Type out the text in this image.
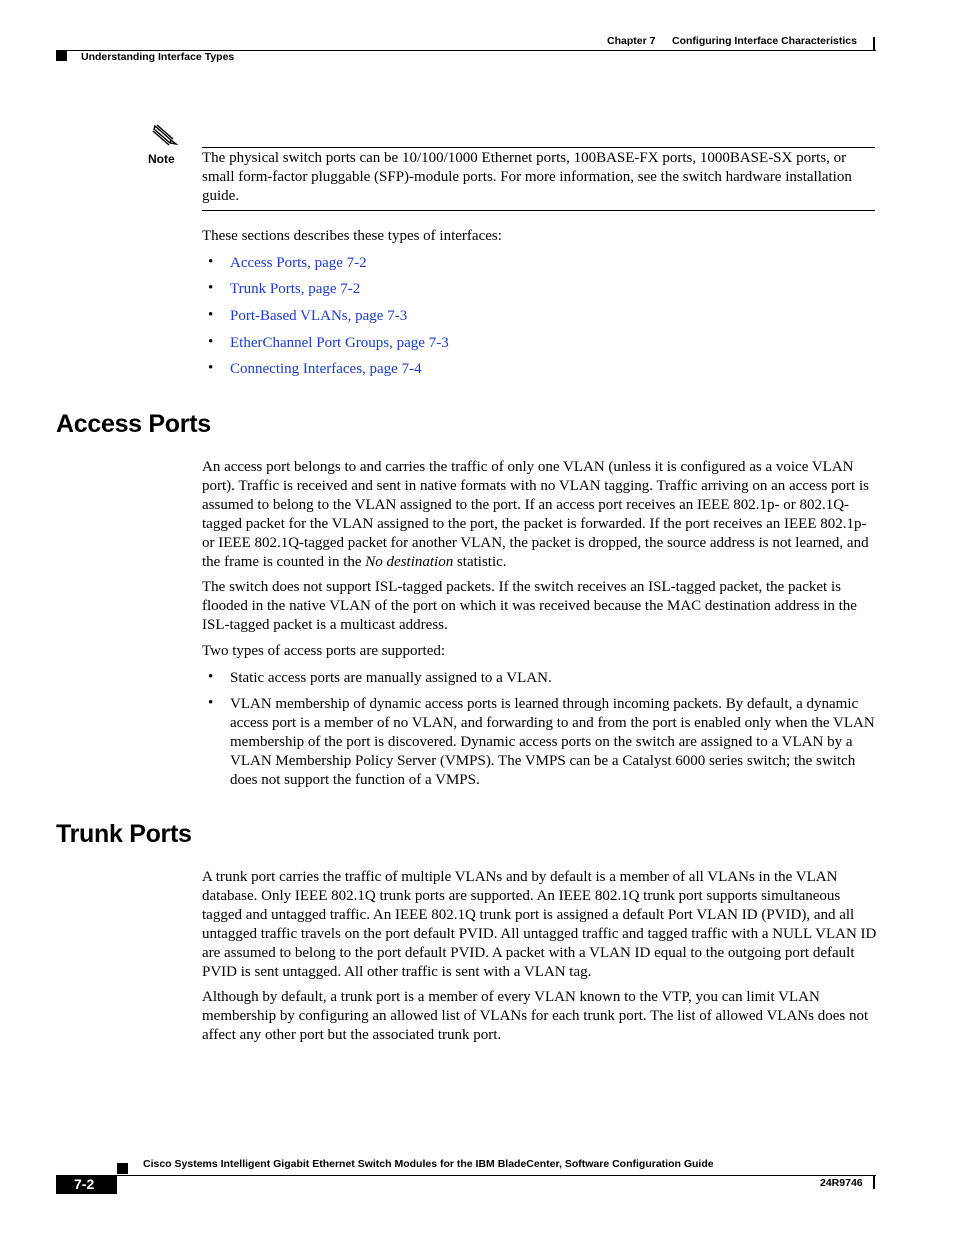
Chapter 7 Configuring Interface Characteristics
Understanding Interface Types
Note The physical switch ports can be 10/100/1000 Ethernet ports, 100BASE-FX ports, 1000BASE-SX ports, or small form-factor pluggable (SFP)-module ports. For more information, see the switch hardware installation guide.

These sections describes these types of interfaces:

• Access Ports, page 7-2
• Trunk Ports, page 7-2
• Port-Based VLANs, page 7-3
• EtherChannel Port Groups, page 7-3
• Connecting Interfaces, page 7-4
Access Ports

An access port belongs to and carries the traffic of only one VLAN (unless it is configured as a voice VLAN port). Traffic is received and sent in native formats with no VLAN tagging. Traffic arriving on an access port is assumed to belong to the VLAN assigned to the port. If an access port receives an IEEE 802.1p- or 802.1Q-tagged packet for the VLAN assigned to the port, the packet is forwarded. If the port receives an IEEE 802.1p- or IEEE 802.1Q-tagged packet for another VLAN, the packet is dropped, the source address is not learned, and the frame is counted in the No destination statistic.

The switch does not support ISL-tagged packets. If the switch receives an ISL-tagged packet, the packet is flooded in the native VLAN of the port on which it was received because the MAC destination address in the ISL-tagged packet is a multicast address.

Two types of access ports are supported:

• Static access ports are manually assigned to a VLAN.

• VLAN membership of dynamic access ports is learned through incoming packets. By default, a dynamic access port is a member of no VLAN, and forwarding to and from the port is enabled only when the VLAN membership of the port is discovered. Dynamic access ports on the switch are assigned to a VLAN by a VLAN Membership Policy Server (VMPS). The VMPS can be a Catalyst 6000 series switch; the switch does not support the function of a VMPS.

Trunk Ports

A trunk port carries the traffic of multiple VLANs and by default is a member of all VLANs in the VLAN database. Only IEEE 802.1Q trunk ports are supported. An IEEE 802.1Q trunk port supports simultaneous tagged and untagged traffic. An IEEE 802.1Q trunk port is assigned a default Port VLAN ID (PVID), and all untagged traffic travels on the port default PVID. All untagged traffic and tagged traffic with a NULL VLAN ID are assumed to belong to the port default PVID. A packet with a VLAN ID equal to the outgoing port default PVID is sent untagged. All other traffic is sent with a VLAN tag.

Although by default, a trunk port is a member of every VLAN known to the VTP, you can limit VLAN membership by configuring an allowed list of VLANs for each trunk port. The list of allowed VLANs does not affect any other port but the associated trunk port.

Cisco Systems Intelligent Gigabit Ethernet Switch Modules for the IBM BladeCenter, Software Configuration Guide
7-2	24R9746
